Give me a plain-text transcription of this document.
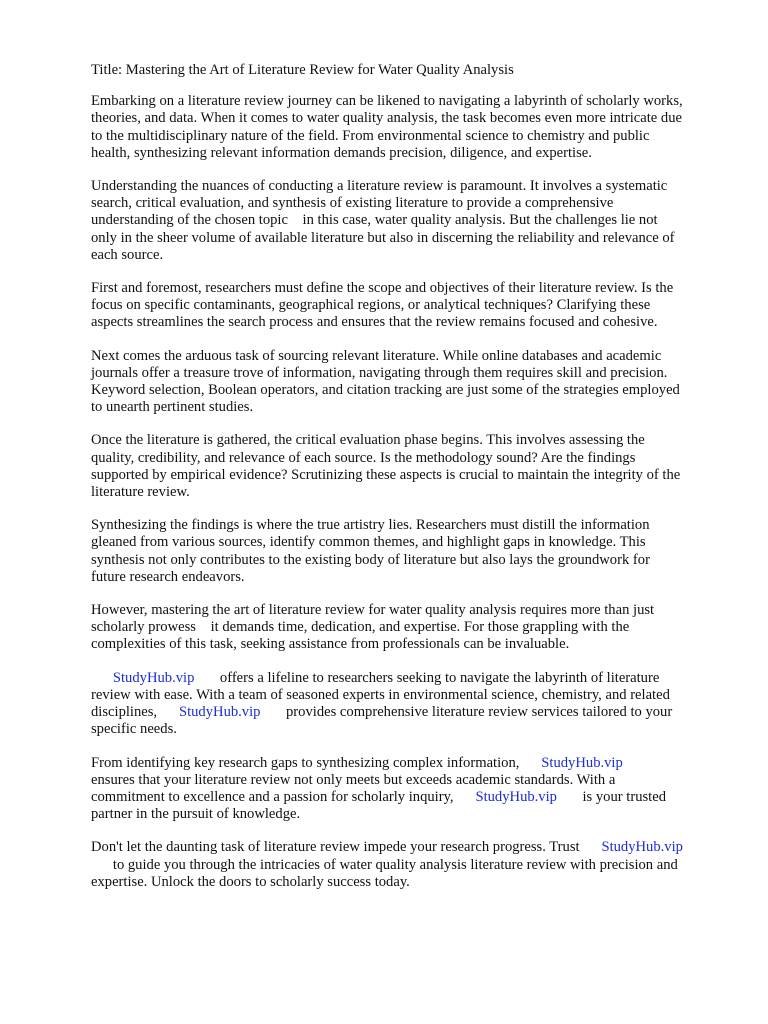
Title: Mastering the Art of Literature Review for Water Quality Analysis
Embarking on a literature review journey can be likened to navigating a labyrinth of scholarly works,
theories, and data. When it comes to water quality analysis, the task becomes even more intricate due
to the multidisciplinary nature of the field. From environmental science to chemistry and public
health, synthesizing relevant information demands precision, diligence, and expertise.
Understanding the nuances of conducting a literature review is paramount. It involves a systematic
search, critical evaluation, and synthesis of existing literature to provide a comprehensive
understanding of the chosen topic    in this case, water quality analysis. But the challenges lie not
only in the sheer volume of available literature but also in discerning the reliability and relevance of
each source.
First and foremost, researchers must define the scope and objectives of their literature review. Is the
focus on specific contaminants, geographical regions, or analytical techniques? Clarifying these
aspects streamlines the search process and ensures that the review remains focused and cohesive.
Next comes the arduous task of sourcing relevant literature. While online databases and academic
journals offer a treasure trove of information, navigating through them requires skill and precision.
Keyword selection, Boolean operators, and citation tracking are just some of the strategies employed
to unearth pertinent studies.
Once the literature is gathered, the critical evaluation phase begins. This involves assessing the
quality, credibility, and relevance of each source. Is the methodology sound? Are the findings
supported by empirical evidence? Scrutinizing these aspects is crucial to maintain the integrity of the
literature review.
Synthesizing the findings is where the true artistry lies. Researchers must distill the information
gleaned from various sources, identify common themes, and highlight gaps in knowledge. This
synthesis not only contributes to the existing body of literature but also lays the groundwork for
future research endeavors.
However, mastering the art of literature review for water quality analysis requires more than just
scholarly prowess    it demands time, dedication, and expertise. For those grappling with the
complexities of this task, seeking assistance from professionals can be invaluable.
StudyHub.vip       offers a lifeline to researchers seeking to navigate the labyrinth of literature
review with ease. With a team of seasoned experts in environmental science, chemistry, and related
disciplines,      StudyHub.vip       provides comprehensive literature review services tailored to your
specific needs.
From identifying key research gaps to synthesizing complex information,      StudyHub.vip
ensures that your literature review not only meets but exceeds academic standards. With a
commitment to excellence and a passion for scholarly inquiry,      StudyHub.vip       is your trusted
partner in the pursuit of knowledge.
Don't let the daunting task of literature review impede your research progress. Trust      StudyHub.vip
to guide you through the intricacies of water quality analysis literature review with precision and
expertise. Unlock the doors to scholarly success today.
